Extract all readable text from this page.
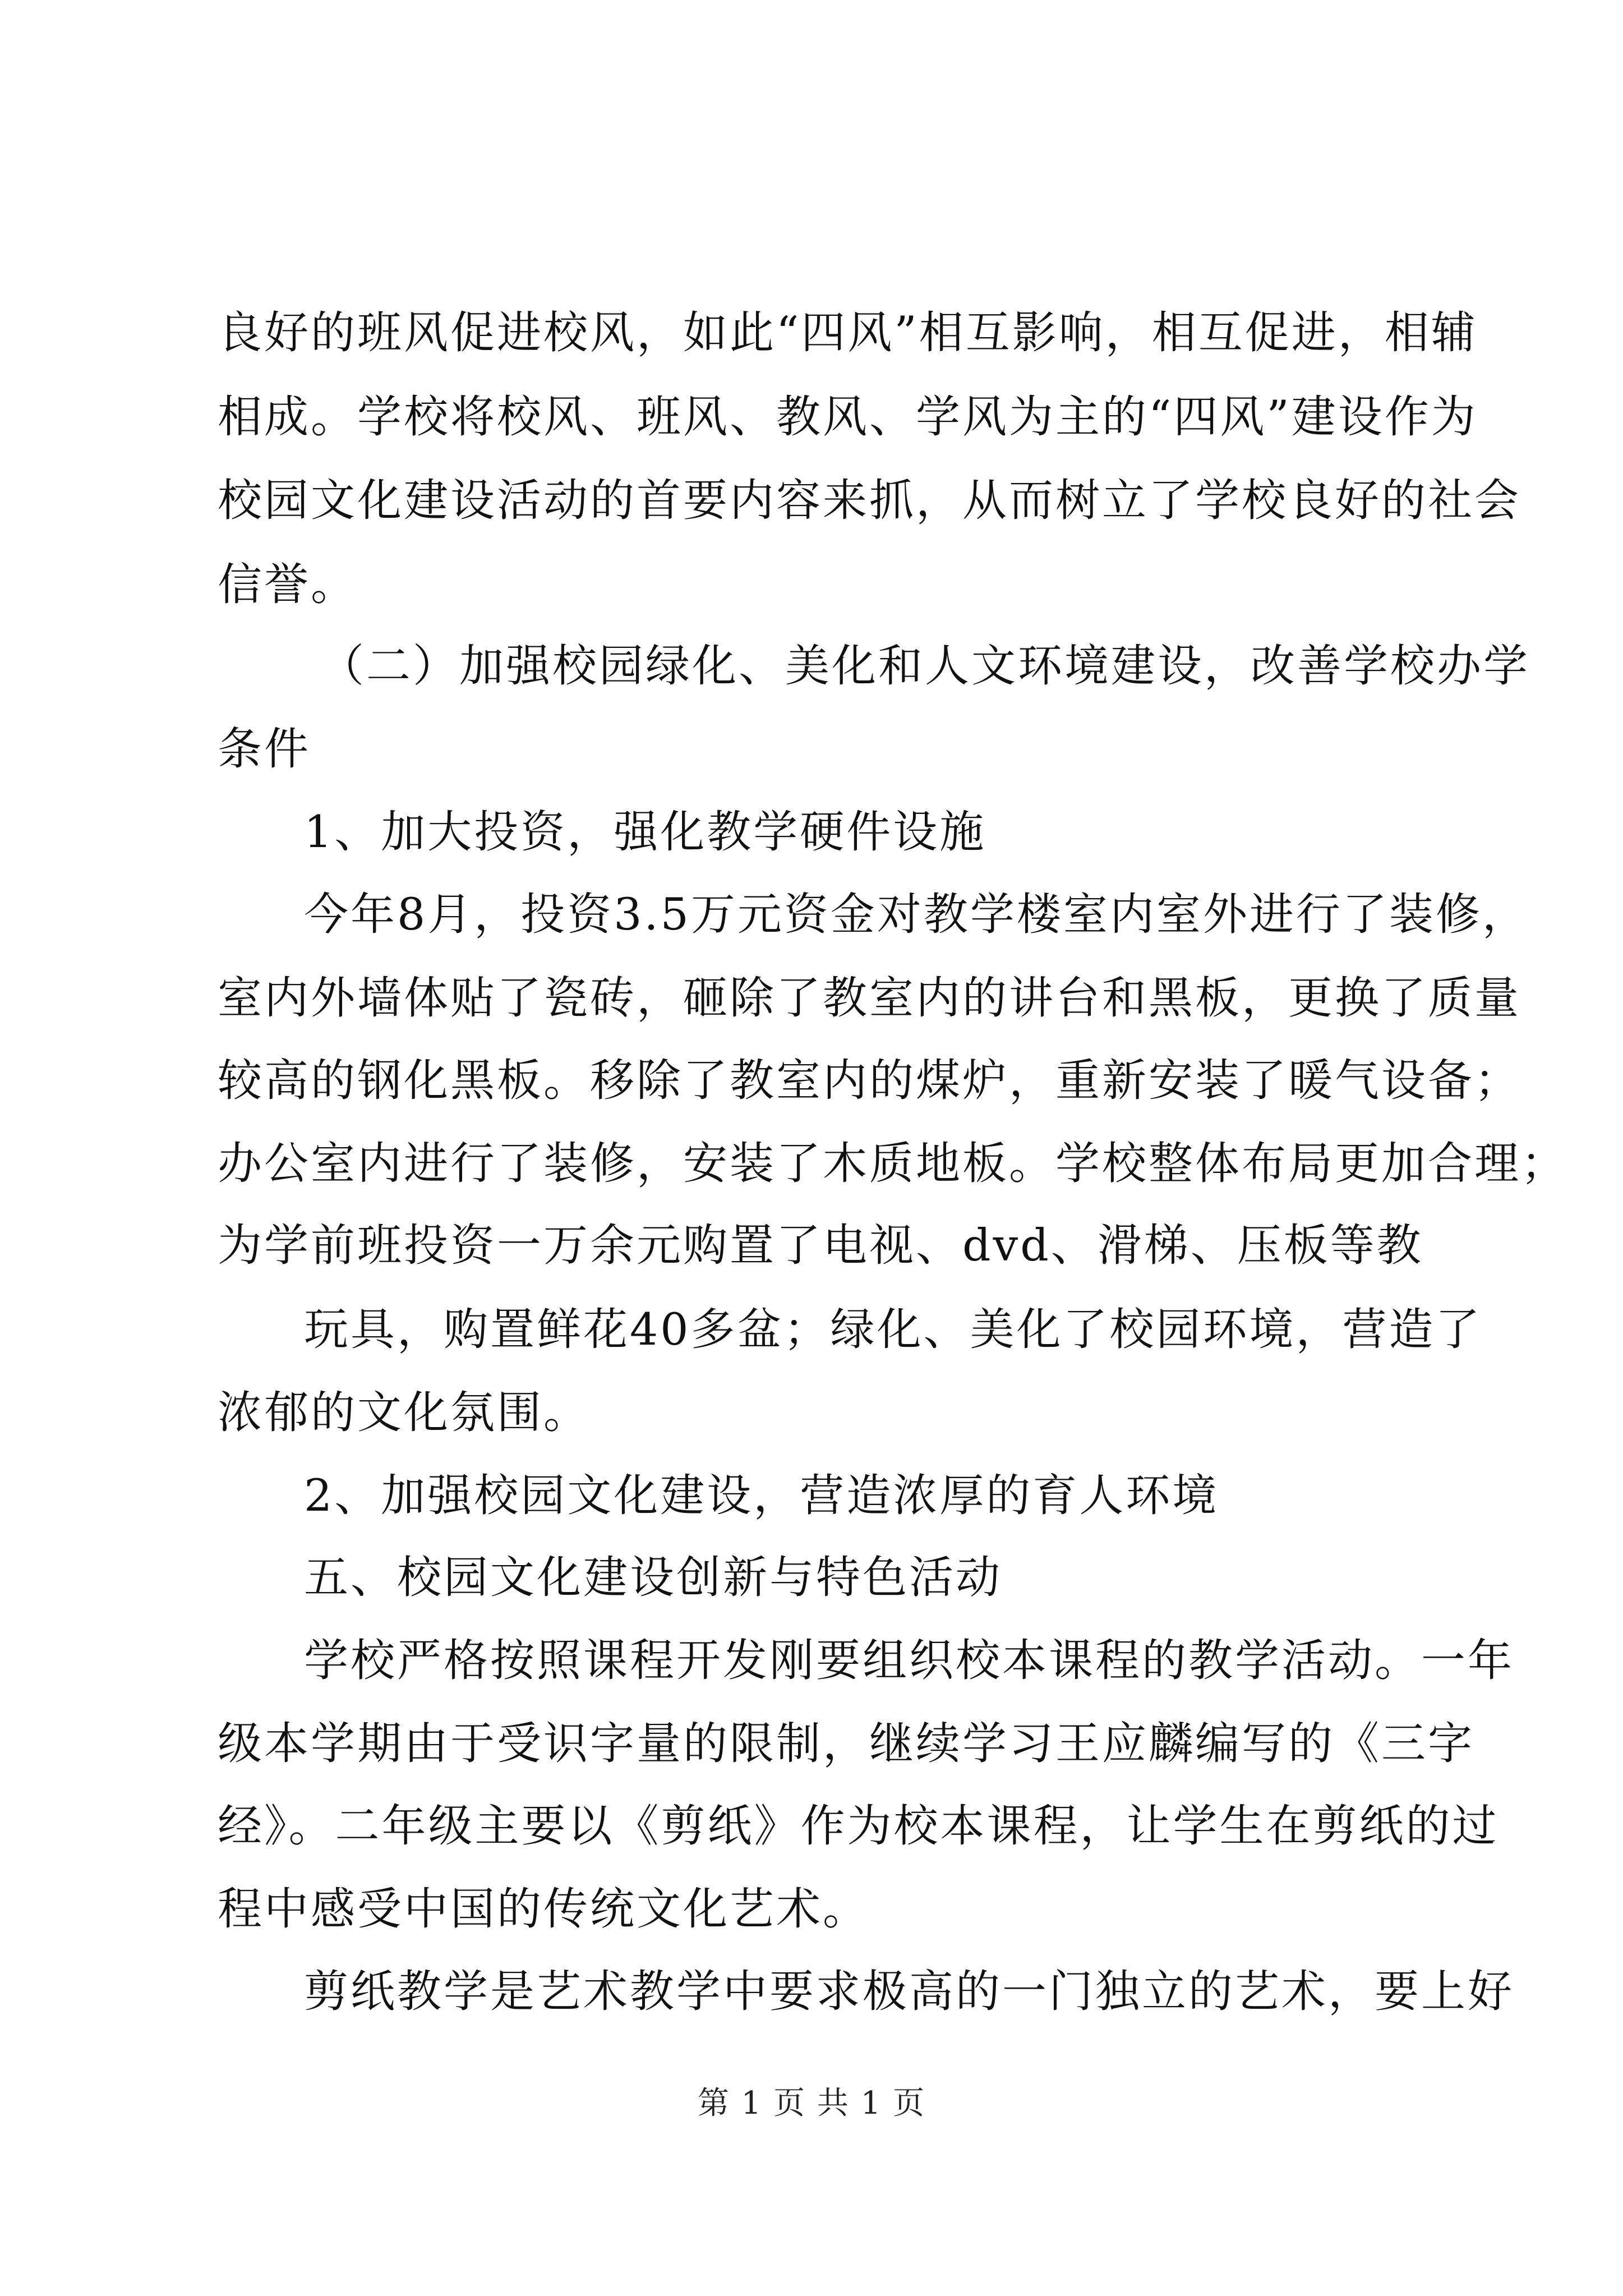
良好的班风促进校风，如此“四风”相互影响，相互促进，相辅
相成。学校将校风、班风、教风、学风为主的“四风”建设作为
校园文化建设活动的首要内容来抓，从而树立了学校良好的社会
信誉。
（二）加强校园绿化、美化和人文环境建设，改善学校办学
条件
1、加大投资，强化教学硬件设施
今年8月，投资3.5万元资金对教学楼室内室外进行了装修，
室内外墙体贴了瓷砖，砸除了教室内的讲台和黑板，更换了质量
较高的钢化黑板。移除了教室内的煤炉，重新安装了暖气设备；
办公室内进行了装修，安装了木质地板。学校整体布局更加合理；
为学前班投资一万余元购置了电视、dvd、滑梯、压板等教
玩具，购置鲜花40多盆；绿化、美化了校园环境，营造了
浓郁的文化氛围。
2、加强校园文化建设，营造浓厚的育人环境
五、校园文化建设创新与特色活动
学校严格按照课程开发刚要组织校本课程的教学活动。一年
级本学期由于受识字量的限制，继续学习王应麟编写的《三字
经》。二年级主要以《剪纸》作为校本课程，让学生在剪纸的过
程中感受中国的传统文化艺术。
剪纸教学是艺术教学中要求极高的一门独立的艺术，要上好
第 1 页 共 1 页
